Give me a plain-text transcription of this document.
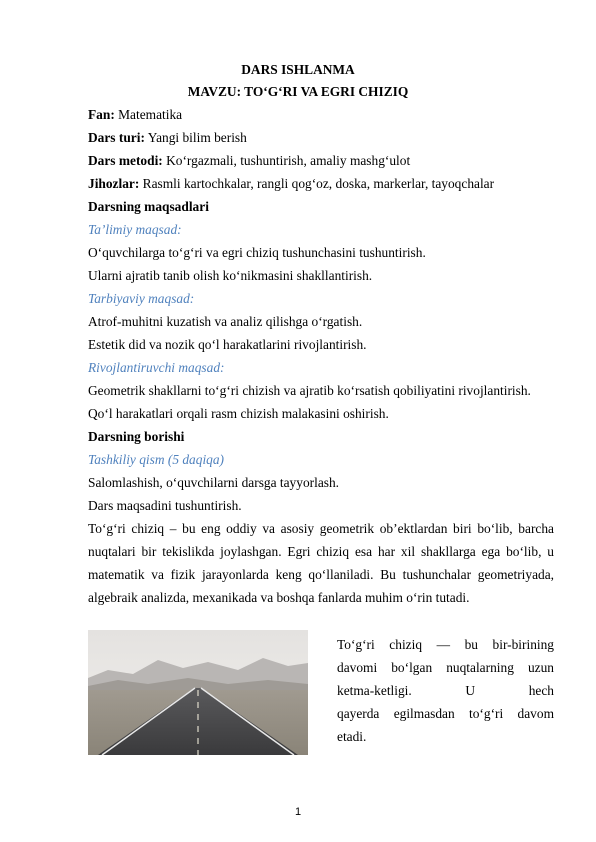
DARS ISHLANMA
MAVZU: TO‘G‘RI VA EGRI CHIZIQ
Fan: Matematika
Dars turi: Yangi bilim berish
Dars metodi: Ko‘rgazmali, tushuntirish, amaliy mashg‘ulot
Jihozlar: Rasmli kartochkalar, rangli qog‘oz, doska, markerlar, tayoqchalar
Darsning maqsadlari
Ta’limiy maqsad:
O‘quvchilarga to‘g‘ri va egri chiziq tushunchasini tushuntirish.
Ularni ajratib tanib olish ko‘nikmasini shakllantirish.
Tarbiyaviy maqsad:
Atrof-muhitni kuzatish va analiz qilishga o‘rgatish.
Estetik did va nozik qo‘l harakatlarini rivojlantirish.
Rivojlantiruvchi maqsad:
Geometrik shakllarni to‘g‘ri chizish va ajratib ko‘rsatish qobiliyatini rivojlantirish.
Qo‘l harakatlari orqali rasm chizish malakasini oshirish.
Darsning borishi
Tashkiliy qism (5 daqiqa)
Salomlashish, o‘quvchilarni darsga tayyorlash.
Dars maqsadini tushuntirish.
To‘g‘ri chiziq – bu eng oddiy va asosiy geometrik ob’ektlardan biri bo‘lib, barcha
nuqtalari bir tekislikda joylashgan. Egri chiziq esa har xil shakllarga ega bo‘lib, u
matematik va fizik jarayonlarda keng qo‘llaniladi. Bu tushunchalar geometriyada,
algebraik analizda, mexanikada va boshqa fanlarda muhim o‘rin tutadi.
To‘g‘ri chiziq — bu bir-birining
davomi bo‘lgan nuqtalarning uzun
ketma-ketligi. U hech
qayerda egilmasdan to‘g‘ri davom
etadi.
1
